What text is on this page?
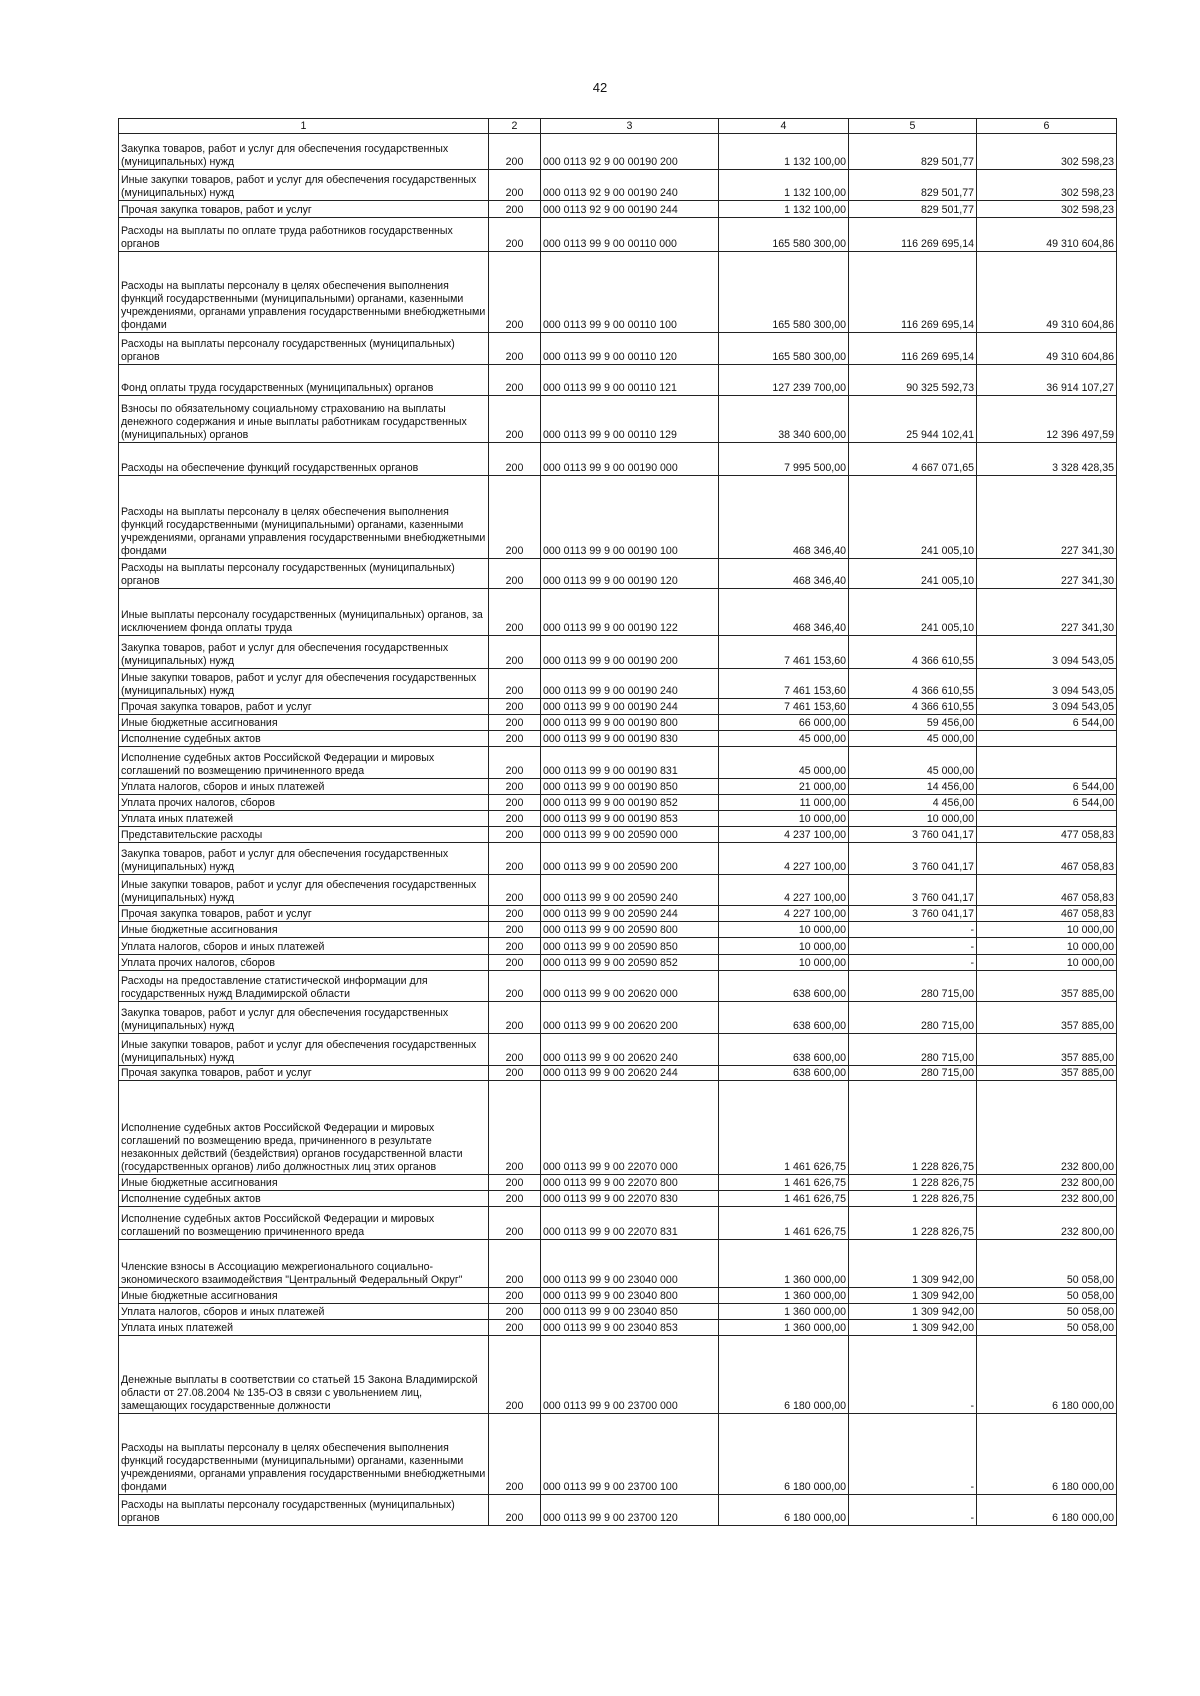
42
1	2	3	4	5	6
Закупка товаров, работ и услуг для обеспечения государственных (муниципальных) нужд	200	000 0113 92 9 00 00190 200	1 132 100,00	829 501,77	302 598,23
Иные закупки товаров, работ и услуг для обеспечения государственных (муниципальных) нужд	200	000 0113 92 9 00 00190 240	1 132 100,00	829 501,77	302 598,23
Прочая закупка товаров, работ и услуг	200	000 0113 92 9 00 00190 244	1 132 100,00	829 501,77	302 598,23
Расходы на выплаты по оплате труда работников государственных органов	200	000 0113 99 9 00 00110 000	165 580 300,00	116 269 695,14	49 310 604,86
Расходы на выплаты персоналу в целях обеспечения выполнения функций государственными (муниципальными) органами, казенными учреждениями, органами управления государственными внебюджетными фондами	200	000 0113 99 9 00 00110 100	165 580 300,00	116 269 695,14	49 310 604,86
Расходы на выплаты персоналу государственных (муниципальных) органов	200	000 0113 99 9 00 00110 120	165 580 300,00	116 269 695,14	49 310 604,86
Фонд оплаты труда государственных (муниципальных) органов	200	000 0113 99 9 00 00110 121	127 239 700,00	90 325 592,73	36 914 107,27
Взносы по обязательному социальному страхованию на выплаты денежного содержания и иные выплаты работникам государственных (муниципальных) органов	200	000 0113 99 9 00 00110 129	38 340 600,00	25 944 102,41	12 396 497,59
Расходы на обеспечение функций государственных органов	200	000 0113 99 9 00 00190 000	7 995 500,00	4 667 071,65	3 328 428,35
Расходы на выплаты персоналу в целях обеспечения выполнения функций государственными (муниципальными) органами, казенными учреждениями, органами управления государственными внебюджетными фондами	200	000 0113 99 9 00 00190 100	468 346,40	241 005,10	227 341,30
Расходы на выплаты персоналу государственных (муниципальных) органов	200	000 0113 99 9 00 00190 120	468 346,40	241 005,10	227 341,30
Иные выплаты персоналу государственных (муниципальных) органов, за исключением фонда оплаты труда	200	000 0113 99 9 00 00190 122	468 346,40	241 005,10	227 341,30
Закупка товаров, работ и услуг для обеспечения государственных (муниципальных) нужд	200	000 0113 99 9 00 00190 200	7 461 153,60	4 366 610,55	3 094 543,05
Иные закупки товаров, работ и услуг для обеспечения государственных (муниципальных) нужд	200	000 0113 99 9 00 00190 240	7 461 153,60	4 366 610,55	3 094 543,05
Прочая закупка товаров, работ и услуг	200	000 0113 99 9 00 00190 244	7 461 153,60	4 366 610,55	3 094 543,05
Иные бюджетные ассигнования	200	000 0113 99 9 00 00190 800	66 000,00	59 456,00	6 544,00
Исполнение судебных актов	200	000 0113 99 9 00 00190 830	45 000,00	45 000,00	
Исполнение судебных актов Российской Федерации и мировых соглашений по возмещению причиненного вреда	200	000 0113 99 9 00 00190 831	45 000,00	45 000,00	
Уплата налогов, сборов и иных платежей	200	000 0113 99 9 00 00190 850	21 000,00	14 456,00	6 544,00
Уплата прочих налогов, сборов	200	000 0113 99 9 00 00190 852	11 000,00	4 456,00	6 544,00
Уплата иных платежей	200	000 0113 99 9 00 00190 853	10 000,00	10 000,00	
Представительские расходы	200	000 0113 99 9 00 20590 000	4 237 100,00	3 760 041,17	477 058,83
Закупка товаров, работ и услуг для обеспечения государственных (муниципальных) нужд	200	000 0113 99 9 00 20590 200	4 227 100,00	3 760 041,17	467 058,83
Иные закупки товаров, работ и услуг для обеспечения государственных (муниципальных) нужд	200	000 0113 99 9 00 20590 240	4 227 100,00	3 760 041,17	467 058,83
Прочая закупка товаров, работ и услуг	200	000 0113 99 9 00 20590 244	4 227 100,00	3 760 041,17	467 058,83
Иные бюджетные ассигнования	200	000 0113 99 9 00 20590 800	10 000,00	-	10 000,00
Уплата налогов, сборов и иных платежей	200	000 0113 99 9 00 20590 850	10 000,00	-	10 000,00
Уплата прочих налогов, сборов	200	000 0113 99 9 00 20590 852	10 000,00	-	10 000,00
Расходы на предоставление статистической информации для государственных нужд Владимирской области	200	000 0113 99 9 00 20620 000	638 600,00	280 715,00	357 885,00
Закупка товаров, работ и услуг для обеспечения государственных (муниципальных) нужд	200	000 0113 99 9 00 20620 200	638 600,00	280 715,00	357 885,00
Иные закупки товаров, работ и услуг для обеспечения государственных (муниципальных) нужд	200	000 0113 99 9 00 20620 240	638 600,00	280 715,00	357 885,00
Прочая закупка товаров, работ и услуг	200	000 0113 99 9 00 20620 244	638 600,00	280 715,00	357 885,00
Исполнение судебных актов Российской Федерации и мировых соглашений по возмещению вреда, причиненного в результате незаконных действий (бездействия) органов государственной власти (государственных органов) либо должностных лиц этих органов	200	000 0113 99 9 00 22070 000	1 461 626,75	1 228 826,75	232 800,00
Иные бюджетные ассигнования	200	000 0113 99 9 00 22070 800	1 461 626,75	1 228 826,75	232 800,00
Исполнение судебных актов	200	000 0113 99 9 00 22070 830	1 461 626,75	1 228 826,75	232 800,00
Исполнение судебных актов Российской Федерации и мировых соглашений по возмещению причиненного вреда	200	000 0113 99 9 00 22070 831	1 461 626,75	1 228 826,75	232 800,00
Членские взносы в Ассоциацию межрегионального социально-экономического взаимодействия "Центральный Федеральный Округ"	200	000 0113 99 9 00 23040 000	1 360 000,00	1 309 942,00	50 058,00
Иные бюджетные ассигнования	200	000 0113 99 9 00 23040 800	1 360 000,00	1 309 942,00	50 058,00
Уплата налогов, сборов и иных платежей	200	000 0113 99 9 00 23040 850	1 360 000,00	1 309 942,00	50 058,00
Уплата иных платежей	200	000 0113 99 9 00 23040 853	1 360 000,00	1 309 942,00	50 058,00
Денежные выплаты в соответствии со статьей 15 Закона Владимирской области от 27.08.2004 № 135-ОЗ в связи с увольнением лиц, замещающих государственные должности	200	000 0113 99 9 00 23700 000	6 180 000,00	-	6 180 000,00
Расходы на выплаты персоналу в целях обеспечения выполнения функций государственными (муниципальными) органами, казенными учреждениями, органами управления государственными внебюджетными фондами	200	000 0113 99 9 00 23700 100	6 180 000,00	-	6 180 000,00
Расходы на выплаты персоналу государственных (муниципальных) органов	200	000 0113 99 9 00 23700 120	6 180 000,00	-	6 180 000,00
